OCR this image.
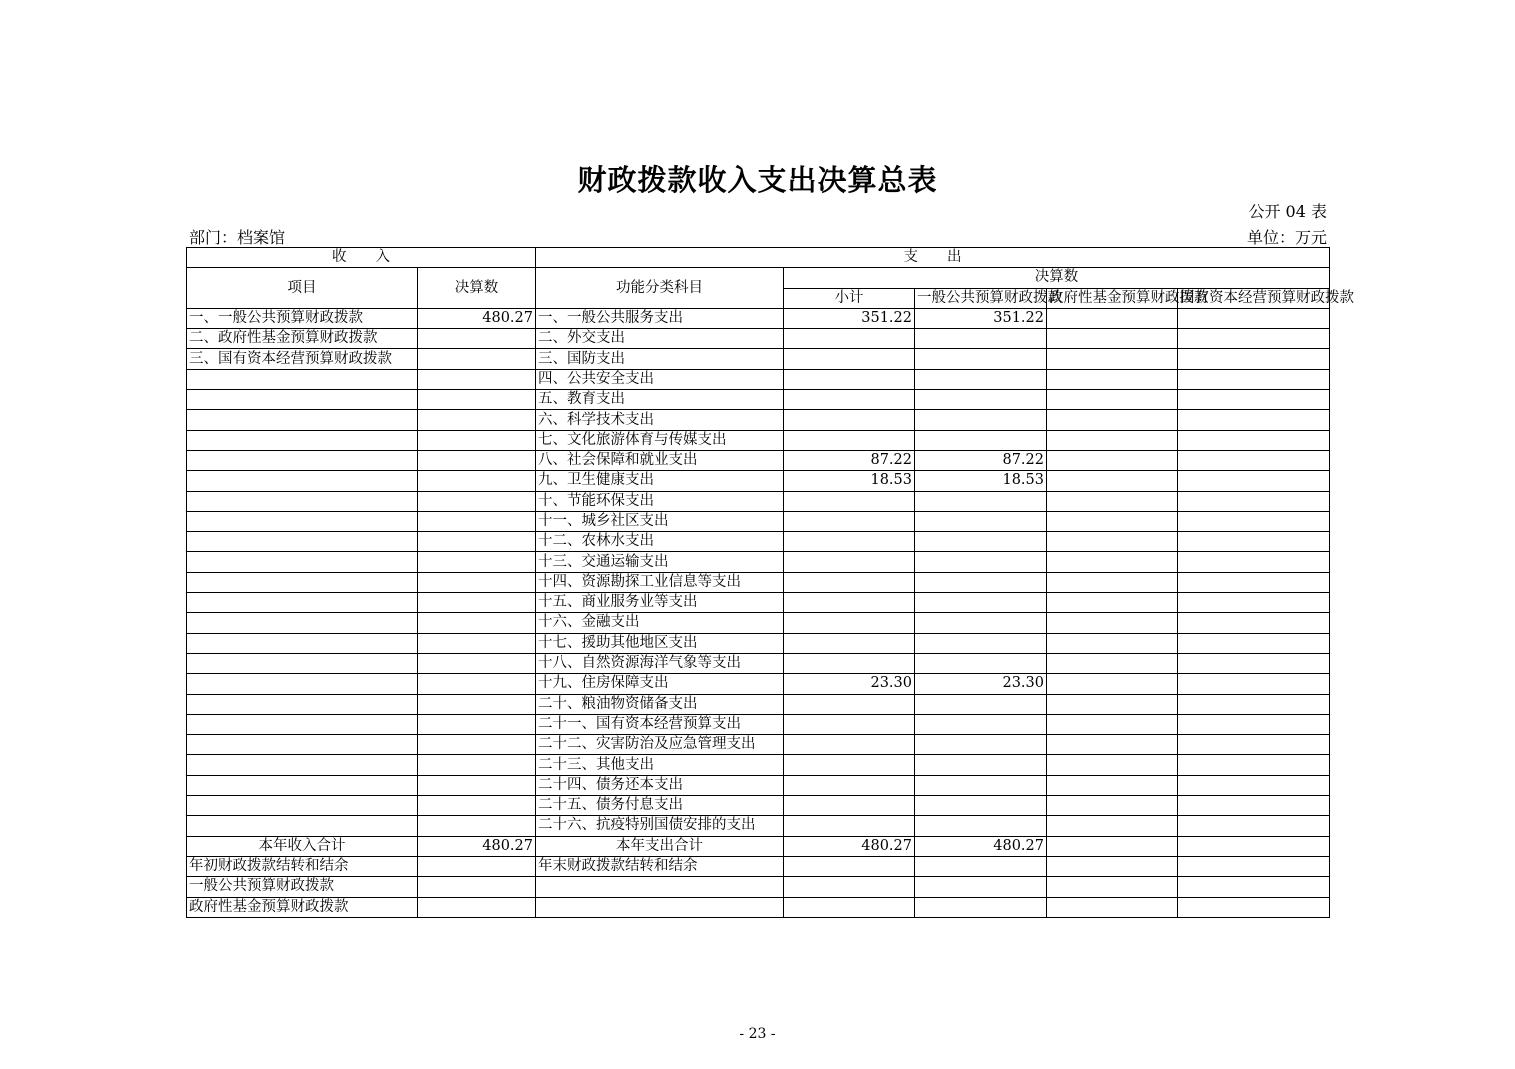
财政拨款收入支出决算总表
公开 04 表
部门：档案馆	单位：万元
收　　入		支　　出				
项目	决算数	功能分类科目	决算数			
			小计	一般公共预算财政拨款	政府性基金预算财政拨款	国有资本经营预算财政拨款
一、一般公共预算财政拨款	480.27	一、一般公共服务支出	351.22	351.22		
二、政府性基金预算财政拨款		二、外交支出				
三、国有资本经营预算财政拨款		三、国防支出				
		四、公共安全支出				
		五、教育支出				
		六、科学技术支出				
		七、文化旅游体育与传媒支出				
		八、社会保障和就业支出	87.22	87.22		
		九、卫生健康支出	18.53	18.53		
		十、节能环保支出				
		十一、城乡社区支出				
		十二、农林水支出				
		十三、交通运输支出				
		十四、资源勘探工业信息等支出				
		十五、商业服务业等支出				
		十六、金融支出				
		十七、援助其他地区支出				
		十八、自然资源海洋气象等支出				
		十九、住房保障支出	23.30	23.30		
		二十、粮油物资储备支出				
		二十一、国有资本经营预算支出				
		二十二、灾害防治及应急管理支出				
		二十三、其他支出				
		二十四、债务还本支出				
		二十五、债务付息支出				
		二十六、抗疫特别国债安排的支出				
本年收入合计	480.27	本年支出合计	480.27	480.27		
年初财政拨款结转和结余		年末财政拨款结转和结余				
一般公共预算财政拨款						
政府性基金预算财政拨款						
- 23 -
